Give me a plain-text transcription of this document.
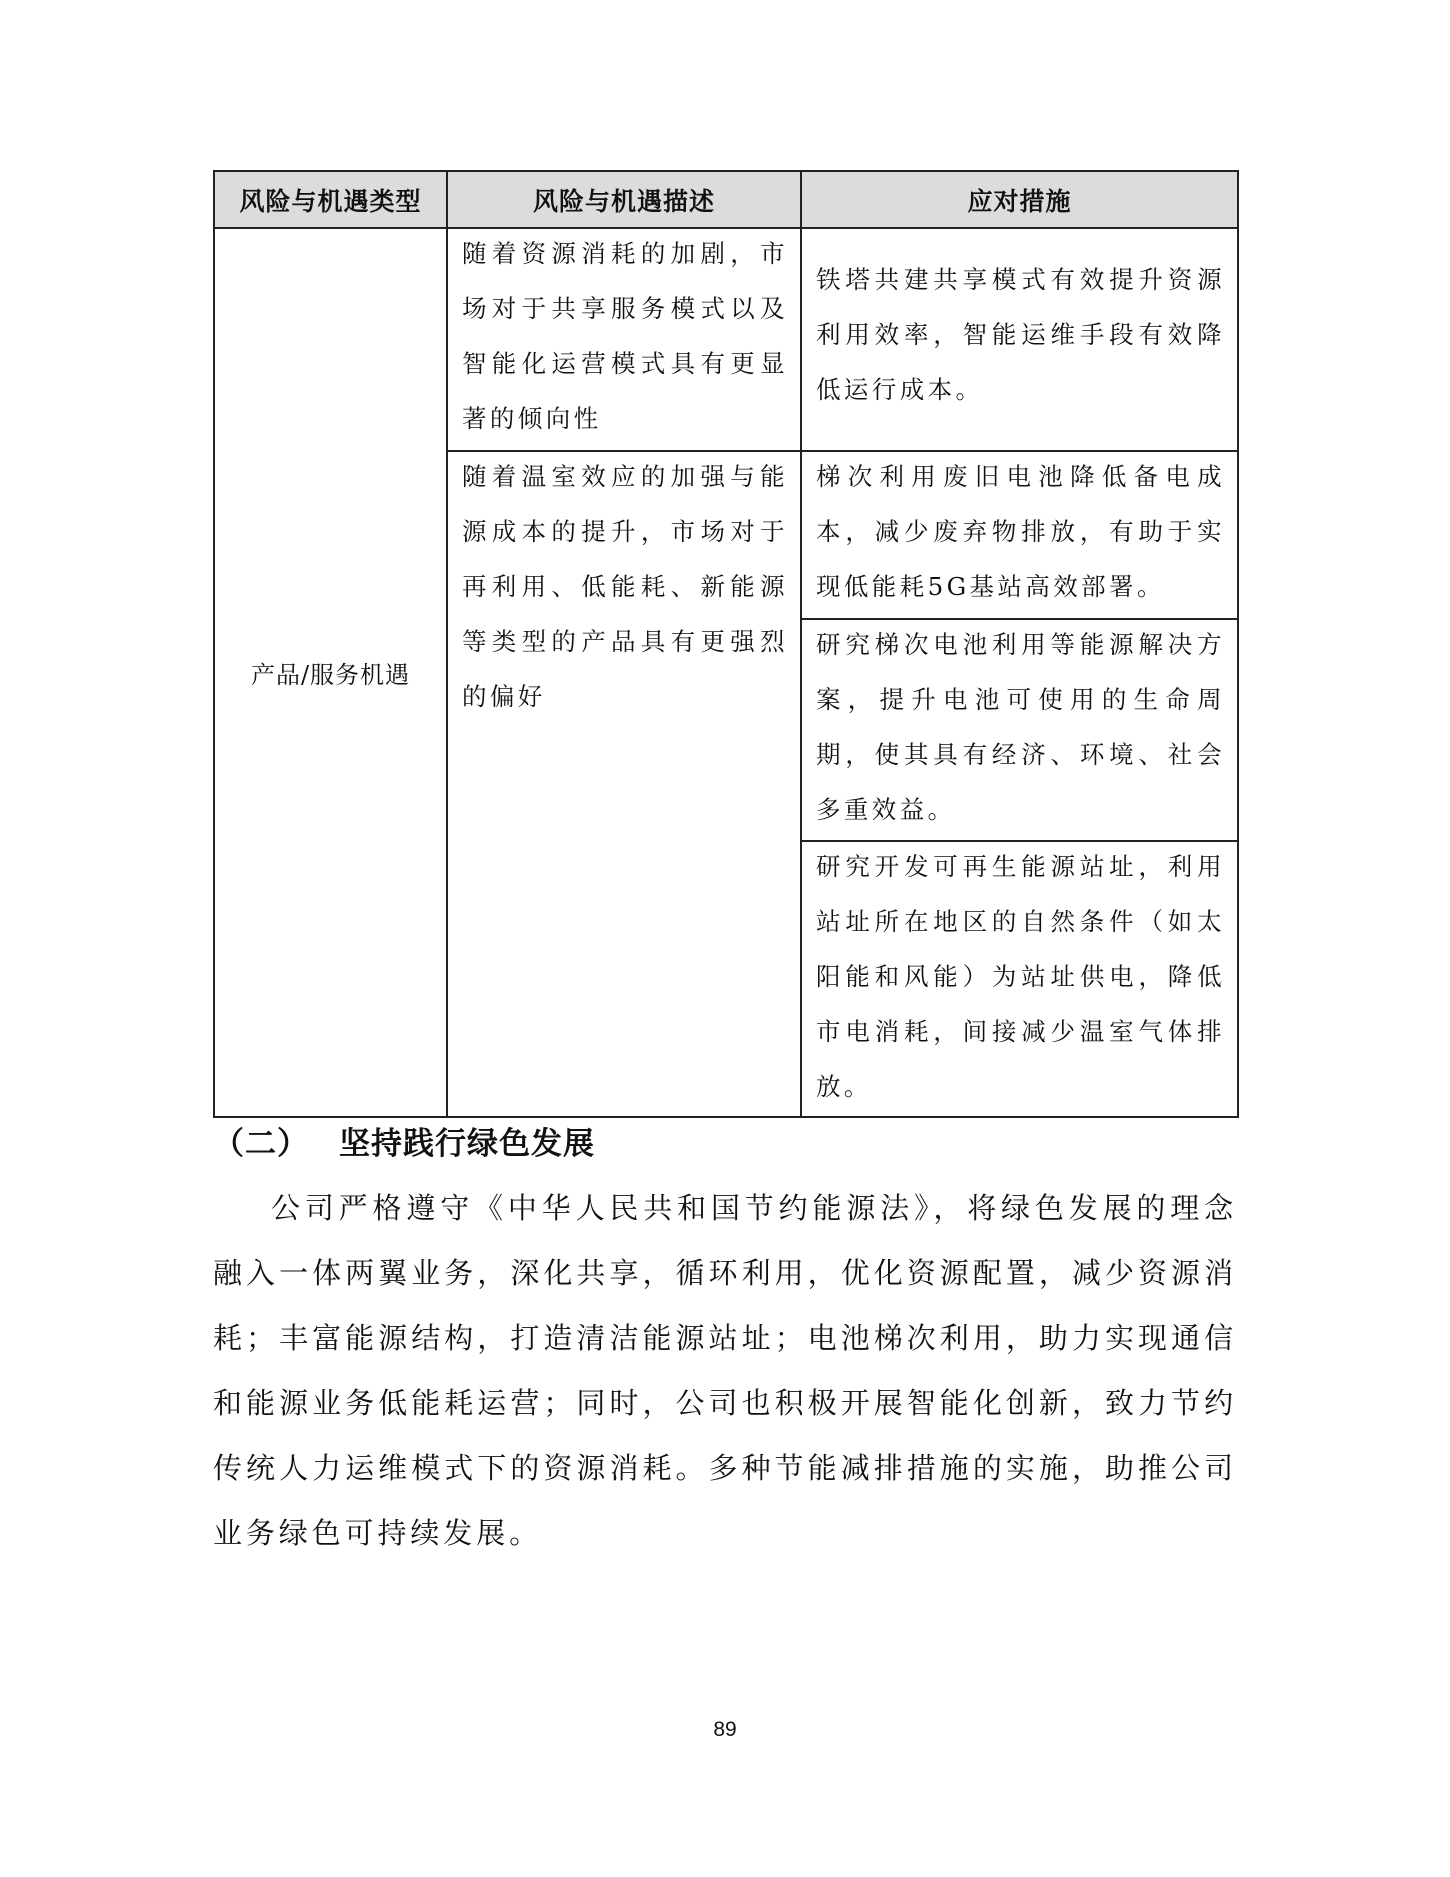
风险与机遇类型	风险与机遇描述	应对措施
产品/服务机遇	随着资源消耗的加剧，市场对于共享服务模式以及智能化运营模式具有更显著的倾向性	铁塔共建共享模式有效提升资源利用效率，智能运维手段有效降低运行成本。

	随着温室效应的加强与能源成本的提升，市场对于再利用、低能耗、新能源等类型的产品具有更强烈的偏好	梯次利用废旧电池降低备电成本，减少废弃物排放，有助于实现低能耗5G基站高效部署。

		研究梯次电池利用等能源解决方案，提升电池可使用的生命周期，使其具有经济、环境、社会多重效益。

		研究开发可再生能源站址，利用站址所在地区的自然条件（如太阳能和风能）为站址供电，降低市电消耗，间接减少温室气体排放。
（二） 坚持践行绿色发展

公司严格遵守《中华人民共和国节约能源法》，将绿色发展的理念融入一体两翼业务，深化共享，循环利用，优化资源配置，减少资源消耗；丰富能源结构，打造清洁能源站址；电池梯次利用，助力实现通信和能源业务低能耗运营；同时，公司也积极开展智能化创新，致力节约传统人力运维模式下的资源消耗。多种节能减排措施的实施，助推公司业务绿色可持续发展。

89
